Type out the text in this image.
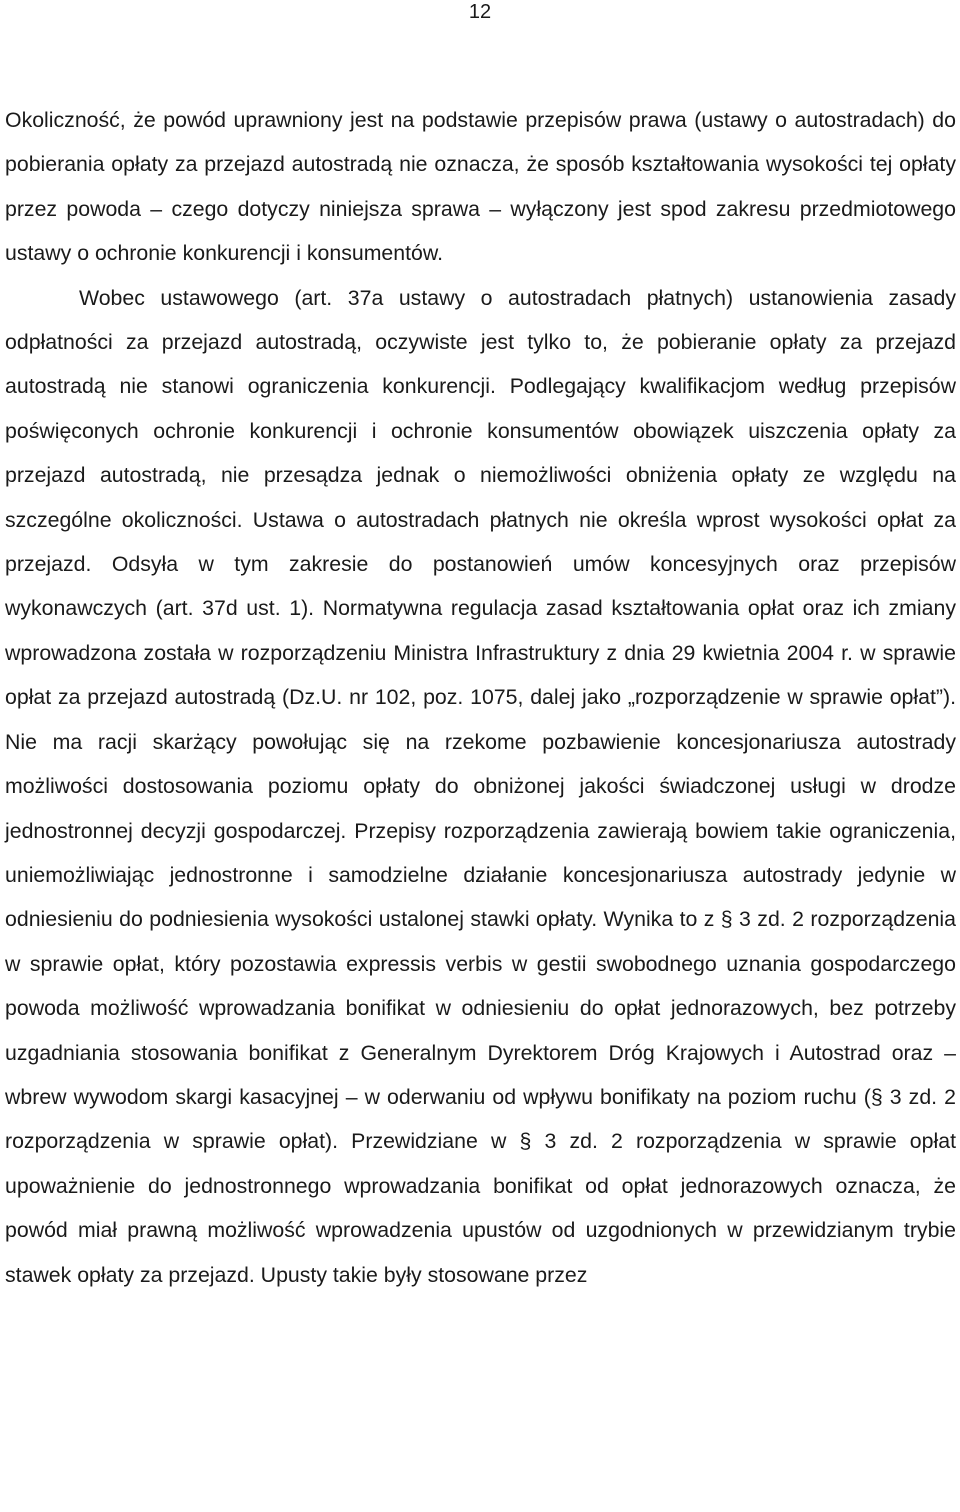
12

Okoliczność, że powód uprawniony jest na podstawie przepisów prawa (ustawy o autostradach) do pobierania opłaty za przejazd autostradą nie oznacza, że sposób kształtowania wysokości tej opłaty przez powoda – czego dotyczy niniejsza sprawa – wyłączony jest spod zakresu przedmiotowego ustawy o ochronie konkurencji i konsumentów.

Wobec ustawowego (art. 37a ustawy o autostradach płatnych) ustanowienia zasady odpłatności za przejazd autostradą, oczywiste jest tylko to, że pobieranie opłaty za przejazd autostradą nie stanowi ograniczenia konkurencji. Podlegający kwalifikacjom według przepisów poświęconych ochronie konkurencji i ochronie konsumentów obowiązek uiszczenia opłaty za przejazd autostradą, nie przesądza jednak o niemożliwości obniżenia opłaty ze względu na szczególne okoliczności. Ustawa o autostradach płatnych nie określa wprost wysokości opłat za przejazd. Odsyła w tym zakresie do postanowień umów koncesyjnych oraz przepisów wykonawczych (art. 37d ust. 1). Normatywna regulacja zasad kształtowania opłat oraz ich zmiany wprowadzona została w rozporządzeniu Ministra Infrastruktury z dnia 29 kwietnia 2004 r. w sprawie opłat za przejazd autostradą (Dz.U. nr 102, poz. 1075, dalej jako „rozporządzenie w sprawie opłat”). Nie ma racji skarżący powołując się na rzekome pozbawienie koncesjonariusza autostrady możliwości dostosowania poziomu opłaty do obniżonej jakości świadczonej usługi w drodze jednostronnej decyzji gospodarczej. Przepisy rozporządzenia zawierają bowiem takie ograniczenia, uniemożliwiając jednostronne i samodzielne działanie koncesjonariusza autostrady jedynie w odniesieniu do podniesienia wysokości ustalonej stawki opłaty. Wynika to z § 3 zd. 2 rozporządzenia w sprawie opłat, który pozostawia expressis verbis w gestii swobodnego uznania gospodarczego powoda możliwość wprowadzania bonifikat w odniesieniu do opłat jednorazowych, bez potrzeby uzgadniania stosowania bonifikat z Generalnym Dyrektorem Dróg Krajowych i Autostrad oraz – wbrew wywodom skargi kasacyjnej – w oderwaniu od wpływu bonifikaty na poziom ruchu (§ 3 zd. 2 rozporządzenia w sprawie opłat). Przewidziane w § 3 zd. 2 rozporządzenia w sprawie opłat upoważnienie do jednostronnego wprowadzania bonifikat od opłat jednorazowych oznacza, że powód miał prawną możliwość wprowadzenia upustów od uzgodnionych w przewidzianym trybie stawek opłaty za przejazd. Upusty takie były stosowane przez
